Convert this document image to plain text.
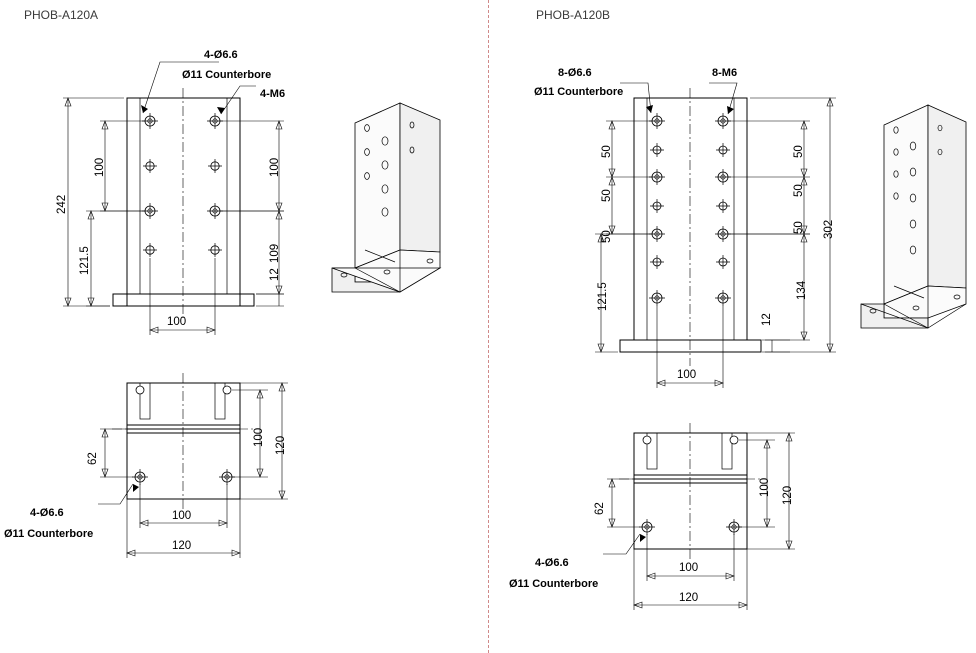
PHOB-A120A	PHOB-A120B
4-Ø6.6
Ø11 Counterbore
4-M6
4-Ø6.6
Ø11 Counterbore
242
121.5
100	100
109
12
100
62
100 120
100
120
8-Ø6.6
Ø11 Counterbore
8-M6
4-Ø6.6
Ø11 Counterbore
302
134
121.5
50
50
50
50
50
50
12
100
62
100 120
100
120
